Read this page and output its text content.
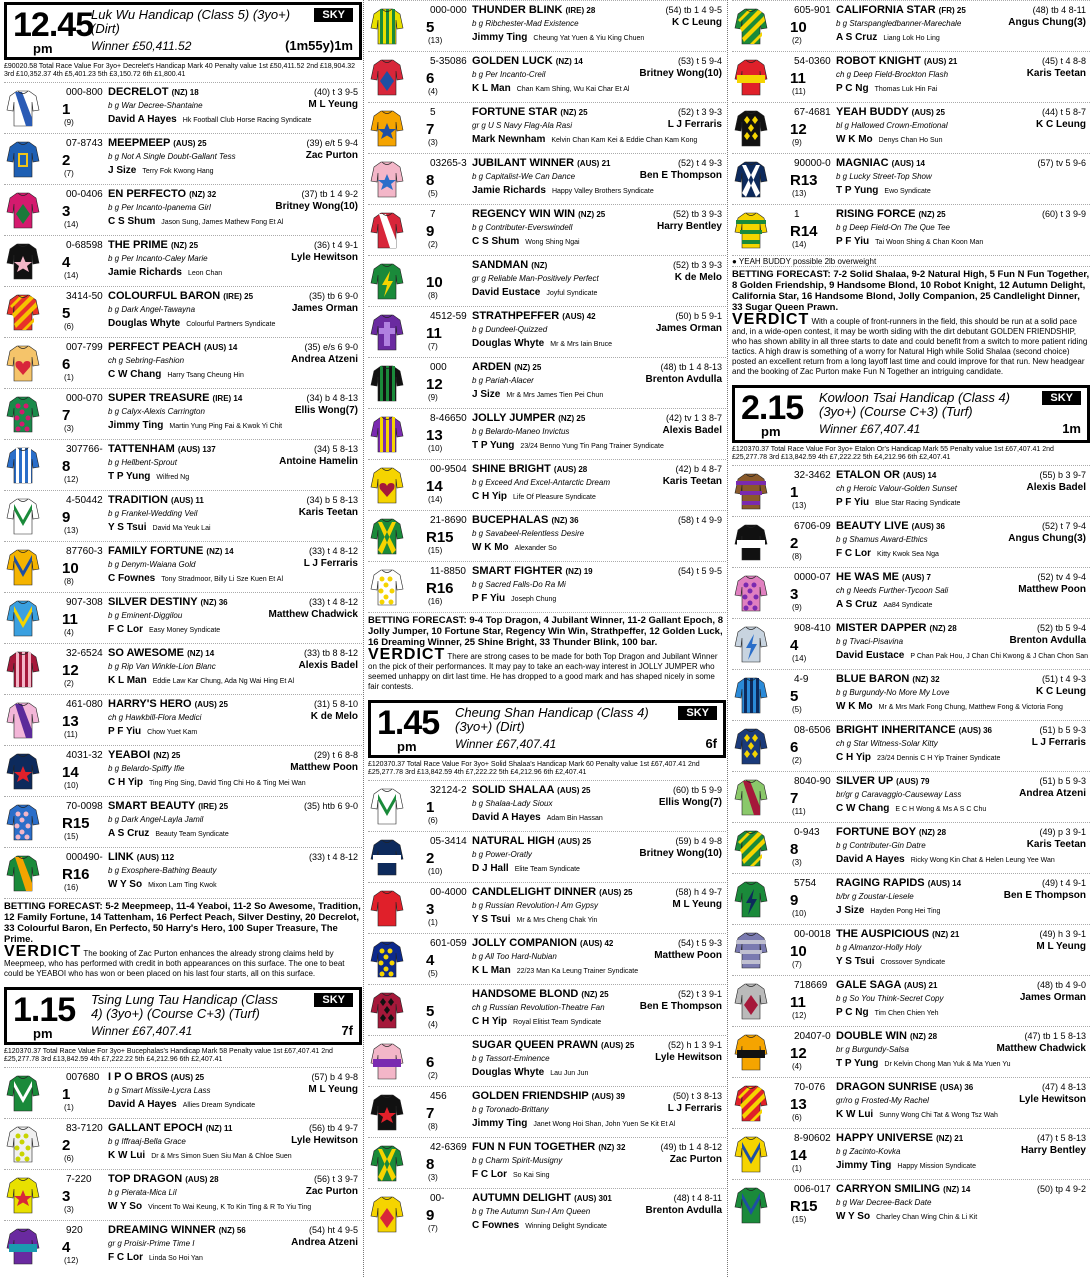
12.45
pm
Luk Wu Handicap (Class 5) (3yo+) (Dirt)
Winner £50,411.52
SKY
(1m55y)1m
£90020.58 Total Race Value For 3yo+ Decrelet's Handicap Mark 40 Penalty value 1st £50,411.52 2nd £18,904.32 3rd £10,352.37 4th £5,401.23 5th £3,150.72 6th £1,800.41
000-800
1
(9)
DECRELOT (NZ) 18	(40) t 3 9-5
b g War Decree-Shantaine	M L Yeung
David A Hayes Hk Football Club Horse Racing Syndicate
07-8743
2
(7)
MEEPMEEP (AUS) 25	(39) e/t 5 9-4
b g Not A Single Doubt-Gallant Tess	Zac Purton
J Size Terry Fok Kwong Hang
00-0406
3
(14)
EN PERFECTO (NZ) 32	(37) tb 1 4 9-2
b g Per Incanto-Ipanema Girl	Britney Wong(10)
C S Shum Jason Sung, James Mathew Fong Et Al
0-68598
4
(14)
THE PRIME (NZ) 25	(36) t 4 9-1
b g Per Incanto-Caley Marie	Lyle Hewitson
Jamie Richards Leon Chan
3414-50
5
(6)
COLOURFUL BARON (IRE) 25	(35) tb 6 9-0
b g Dark Angel-Tawayna	James Orman
Douglas Whyte Colourful Partners Syndicate
007-799
6
(1)
PERFECT PEACH (AUS) 14	(35) e/s 6 9-0
ch g Sebring-Fashion	Andrea Atzeni
C W Chang Harry Tsang Cheung Hin
000-070
7
(3)
SUPER TREASURE (IRE) 14	(34) b 4 8-13
b g Calyx-Alexis Carrington	Ellis Wong(7)
Jimmy Ting Martin Yung Ping Fai & Kwok Yi Chit
307766-
8
(12)
TATTENHAM (AUS) 137	(34) 5 8-13
b g Hellbent-Sprout	Antoine Hamelin
T P Yung Wilfred Ng
4-50442
9
(13)
TRADITION (AUS) 11	(34) b 5 8-13
b g Frankel-Wedding Veil	Karis Teetan
Y S Tsui David Ma Yeuk Lai
87760-3
10
(8)
FAMILY FORTUNE (NZ) 14	(33) t 4 8-12
b g Denym-Waiana Gold	L J Ferraris
C Fownes Tony Stradmoor, Billy Li Sze Kuen Et Al
907-308
11
(4)
SILVER DESTINY (NZ) 36	(33) t 4 8-12
b g Eminent-Diggilou	Matthew Chadwick
F C Lor Easy Money Syndicate
32-6524
12
(2)
SO AWESOME (NZ) 14	(33) tb 8 8-12
b g Rip Van Winkle-Lion Blanc	Alexis Badel
K L Man Eddie Law Kar Chung, Ada Ng Wai Hing Et Al
461-080
13
(11)
HARRY'S HERO (AUS) 25	(31) 5 8-10
ch g Hawkbill-Flora Medici	K de Melo
P F Yiu Chow Yuet Kam
4031-32
14
(10)
YEABOI (NZ) 25	(29) t 6 8-8
b g Belardo-Spiffy Ifie	Matthew Poon
C H Yip Ting Ping Sing, David Ting Chi Ho & Ting Mei Wan
70-0098
R15
(15)
SMART BEAUTY (IRE) 25	(35) htb 6 9-0
b g Dark Angel-Layla Jamil
A S Cruz Beauty Team Syndicate
000490-
R16
(16)
LINK (AUS) 112	(33) t 4 8-12
b g Exosphere-Bathing Beauty
W Y So Mixon Lam Ting Kwok
BETTING FORECAST: 5-2 Meepmeep, 11-4 Yeaboi, 11-2 So Awesome, Tradition, 12 Family Fortune, 14 Tattenham, 16 Perfect Peach, Silver Destiny, 20 Decrelot, 33 Colourful Baron, En Perfecto, 50 Harry's Hero, 100 Super Treasure, The Prime.
VERDICT The booking of Zac Purton enhances the already strong claims held by Meepmeep, who has performed with credit in both appearances on this surface. The one to beat could be YEABOI who has won or been placed on his last four starts, all on this surface.
1.15
pm
Tsing Lung Tau Handicap (Class 4) (3yo+) (Course C+3) (Turf)
Winner £67,407.41
SKY
7f
£120370.37 Total Race Value For 3yo+ Bucephalas's Handicap Mark 58 Penalty value 1st £67,407.41 2nd £25,277.78 3rd £13,842.59 4th £7,222.22 5th £4,212.96 6th £2,407.41
007680
1
(1)
I P O BROS (AUS) 25	(57) b 4 9-8
b g Smart Missile-Lycra Lass	M L Yeung
David A Hayes Allies Dream Syndicate
83-7120
2
(6)
GALLANT EPOCH (NZ) 11	(56) tb 4 9-7
b g Iffraaj-Bella Grace	Lyle Hewitson
K W Lui Dr & Mrs Simon Suen Siu Man & Chloe Suen
7-220
3
(3)
TOP DRAGON (AUS) 28	(56) t 3 9-7
b g Pierata-Mica Lil	Zac Purton
W Y So Vincent To Wai Keung, K To Kin Ting & R To Yiu Ting
920
4
(12)
DREAMING WINNER (NZ) 56	(54) ht 4 9-5
gr g Proisir-Prime Time I	Andrea Atzeni
F C Lor Linda So Hoi Yan
000-000
5
(13)
THUNDER BLINK (IRE) 28	(54) tb 1 4 9-5
b g Ribchester-Mad Existence	K C Leung
Jimmy Ting Cheung Yat Yuen & Yiu King Chuen
5-35086
6
(4)
GOLDEN LUCK (NZ) 14	(53) t 5 9-4
b g Per Incanto-Creil	Britney Wong(10)
K L Man Chan Kam Shing, Wu Kai Char Et Al
5
7
(3)
FORTUNE STAR (NZ) 25	(52) t 3 9-3
gr g U S Navy Flag-Ala Rasi	L J Ferraris
Mark Newnham Kelvin Chan Kam Kei & Eddie Chan Kam Kong
03265-3
8
(5)
JUBILANT WINNER (AUS) 21	(52) t 4 9-3
b g Capitalist-We Can Dance	Ben E Thompson
Jamie Richards Happy Valley Brothers Syndicate
7
9
(2)
REGENCY WIN WIN (NZ) 25	(52) tb 3 9-3
b g Contributer-Everswindell	Harry Bentley
C S Shum Wong Shing Ngai
10
(8)
SANDMAN (NZ)	(52) tb 3 9-3
gr g Reliable Man-Positively Perfect	K de Melo
David Eustace Joyful Syndicate
4512-59
11
(7)
STRATHPEFFER (AUS) 42	(50) b 5 9-1
b g Dundeel-Quizzed	James Orman
Douglas Whyte Mr & Mrs Iain Bruce
000
12
(9)
ARDEN (NZ) 25	(48) tb 1 4 8-13
b g Pariah-Alacer	Brenton Avdulla
J Size Mr & Mrs James Tien Pei Chun
8-46650
13
(10)
JOLLY JUMPER (NZ) 25	(42) tv 1 3 8-7
b g Belardo-Maneo Invictus	Alexis Badel
T P Yung 23/24 Benno Yung Tin Pang Trainer Syndicate
00-9504
14
(14)
SHINE BRIGHT (AUS) 28	(42) b 4 8-7
b g Exceed And Excel-Antarctic Dream	Karis Teetan
C H Yip Life Of Pleasure Syndicate
21-8690
R15
(15)
BUCEPHALAS (NZ) 36	(58) t 4 9-9
b g Savabeel-Relentless Desire
W K Mo Alexander So
11-8850
R16
(16)
SMART FIGHTER (NZ) 19	(54) t 5 9-5
b g Sacred Falls-Do Ra Mi
P F Yiu Joseph Chung
BETTING FORECAST: 9-4 Top Dragon, 4 Jubilant Winner, 11-2 Gallant Epoch, 8 Jolly Jumper, 10 Fortune Star, Regency Win Win, Strathpeffer, 12 Golden Luck, 16 Dreaming Winner, 25 Shine Bright, 33 Thunder Blink, 100 bar.
VERDICT There are strong cases to be made for both Top Dragon and Jubilant Winner on the pick of their performances. It may pay to take an each-way interest in JOLLY JUMPER who seemed unhappy on dirt last time. He has dropped to a good mark and has shaped nicely in some fair contests.
1.45
pm
Cheung Shan Handicap (Class 4) (3yo+) (Dirt)
Winner £67,407.41
SKY
6f
£120370.37 Total Race Value For 3yo+ Solid Shalaa's Handicap Mark 60 Penalty value 1st £67,407.41 2nd £25,277.78 3rd £13,842.59 4th £7,222.22 5th £4,212.96 6th £2,407.41
32124-2
1
(6)
SOLID SHALAA (AUS) 25	(60) tb 5 9-9
b g Shalaa-Lady Sioux	Ellis Wong(7)
David A Hayes Adam Bin Hassan
05-3414
2
(10)
NATURAL HIGH (AUS) 25	(59) b 4 9-8
b g Power-Oratly	Britney Wong(10)
D J Hall Elite Team Syndicate
00-4000
3
(1)
CANDLELIGHT DINNER (AUS) 25	(58) h 4 9-7
b g Russian Revolution-I Am Gypsy	M L Yeung
Y S Tsui Mr & Mrs Cheng Chak Yin
601-059
4
(5)
JOLLY COMPANION (AUS) 42	(54) t 5 9-3
b g All Too Hard-Nubian	Matthew Poon
K L Man 22/23 Man Ka Leung Trainer Syndicate
5
(4)
HANDSOME BLOND (NZ) 25	(52) t 3 9-1
ch g Russian Revolution-Theatre Fan	Ben E Thompson
C H Yip Royal Elitist Team Syndicate
6
(2)
SUGAR QUEEN PRAWN (AUS) 25	(52) h 1 3 9-1
b g Tassort-Eminence	Lyle Hewitson
Douglas Whyte Lau Jun Jun
456
7
(8)
GOLDEN FRIENDSHIP (AUS) 39	(50) t 3 8-13
b g Toronado-Brittany	L J Ferraris
Jimmy Ting Janet Wong Hoi Shan, John Yuen Se Kit Et Al
42-6369
8
(3)
FUN N FUN TOGETHER (NZ) 32	(49) tb 1 4 8-12
b g Charm Spirit-Musigny	Zac Purton
F C Lor So Kai Sing
00-
9
(7)
AUTUMN DELIGHT (AUS) 301	(48) t 4 8-11
b g The Autumn Sun-I Am Queen	Brenton Avdulla
C Fownes Winning Delight Syndicate
605-901
10
(2)
CALIFORNIA STAR (FR) 25	(48) tb 4 8-11
b g Starspangledbanner-Marechale	Angus Chung(3)
A S Cruz Liang Lok Ho Ling
54-0360
11
(11)
ROBOT KNIGHT (AUS) 21	(45) t 4 8-8
ch g Deep Field-Brockton Flash	Karis Teetan
P C Ng Thomas Luk Hin Fai
67-4681
12
(9)
YEAH BUDDY (AUS) 25	(44) t 5 8-7
bl g Hallowed Crown-Emotional	K C Leung
W K Mo Denys Chan Ho Sun
90000-0
R13
(13)
MAGNIAC (AUS) 14	(57) tv 5 9-6
b g Lucky Street-Top Show
T P Yung Ewo Syndicate
1
R14
(14)
RISING FORCE (NZ) 25	(60) t 3 9-9
b g Deep Field-On The Que Tee
P F Yiu Tai Woon Shing & Chan Koon Man
● YEAH BUDDY possible 2lb overweight
BETTING FORECAST: 7-2 Solid Shalaa, 9-2 Natural High, 5 Fun N Fun Together, 8 Golden Friendship, 9 Handsome Blond, 10 Robot Knight, 12 Autumn Delight, California Star, 16 Handsome Blond, Jolly Companion, 25 Candlelight Dinner, 33 Sugar Queen Prawn.
VERDICT With a couple of front-runners in the field, this should be run at a solid pace and, in a wide-open contest, it may be worth siding with the dirt debutant GOLDEN FRIENDSHIP, who has shown ability in all three starts to date and could benefit from a switch to more patient riding tactics. A high draw is something of a worry for Natural High while Solid Shalaa (second choice) posted an excellent return from a long layoff last time and could improve for that run. New headgear and the booking of Zac Purton make Fun N Together an intriguing candidate.
2.15
pm
Kowloon Tsai Handicap (Class 4) (3yo+) (Course C+3) (Turf)
Winner £67,407.41
SKY
1m
£120370.37 Total Race Value For 3yo+ Etalon Or's Handicap Mark 55 Penalty value 1st £67,407.41 2nd £25,277.78 3rd £13,842.59 4th £7,222.22 5th £4,212.96 6th £2,407.41
32-3462
1
(13)
ETALON OR (AUS) 14	(55) b 3 9-7
ch g Heroic Valour-Golden Sunset	Alexis Badel
P F Yiu Blue Star Racing Syndicate
6706-09
2
(8)
BEAUTY LIVE (AUS) 36	(52) t 7 9-4
b g Shamus Award-Ethics	Angus Chung(3)
F C Lor Kitty Kwok Sea Nga
0000-07
3
(9)
HE WAS ME (AUS) 7	(52) tv 4 9-4
ch g Needs Further-Tycoon Sali	Matthew Poon
A S Cruz Aa84 Syndicate
908-410
4
(14)
MISTER DAPPER (NZ) 28	(52) tb 5 9-4
b g Tivaci-Pisavina	Brenton Avdulla
David Eustace P Chan Pak Hou, J Chan Chi Kwong & J Chan Chon San
4-9
5
(5)
BLUE BARON (NZ) 32	(51) t 4 9-3
b g Burgundy-No More My Love	K C Leung
W K Mo Mr & Mrs Mark Fong Chung, Matthew Fong & Victoria Fong
08-6506
6
(2)
BRIGHT INHERITANCE (AUS) 36	(51) b 5 9-3
ch g Star Witness-Solar Kitty	L J Ferraris
C H Yip 23/24 Dennis C H Yip Trainer Syndicate
8040-90
7
(11)
SILVER UP (AUS) 79	(51) b 5 9-3
br/gr g Caravaggio-Causeway Lass	Andrea Atzeni
C W Chang E C H Wong & Ms A S C Chu
0-943
8
(3)
FORTUNE BOY (NZ) 28	(49) p 3 9-1
b g Contributer-Gin Datre	Karis Teetan
David A Hayes Ricky Wong Kin Chat & Helen Leung Yee Wan
5754
9
(10)
RAGING RAPIDS (AUS) 14	(49) t 4 9-1
b/br g Zoustar-Liesele	Ben E Thompson
J Size Hayden Pong Hei Ting
00-0018
10
(7)
THE AUSPICIOUS (NZ) 21	(49) h 3 9-1
b g Almanzor-Holly Holy	M L Yeung
Y S Tsui Crossover Syndicate
718669
11
(12)
GALE SAGA (AUS) 21	(48) tb 4 9-0
b g So You Think-Secret Copy	James Orman
P C Ng Tim Chen Chien Yeh
20407-0
12
(4)
DOUBLE WIN (NZ) 28	(47) tb 1 5 8-13
br g Burgundy-Salsa	Matthew Chadwick
T P Yung Dr Kelvin Chong Man Yuk & Ma Yuen Yu
70-076
13
(6)
DRAGON SUNRISE (USA) 36	(47) 4 8-13
gr/ro g Frosted-My Rachel	Lyle Hewitson
K W Lui Sunny Wong Chi Tat & Wong Tsz Wah
8-90602
14
(1)
HAPPY UNIVERSE (NZ) 21	(47) t 5 8-13
b g Zacinto-Kovka	Harry Bentley
Jimmy Ting Happy Mission Syndicate
006-017
R15
(15)
CARRYON SMILING (NZ) 14	(50) tp 4 9-2
b g War Decree-Back Date
W Y So Charley Chan Wing Chin & Li Kit
